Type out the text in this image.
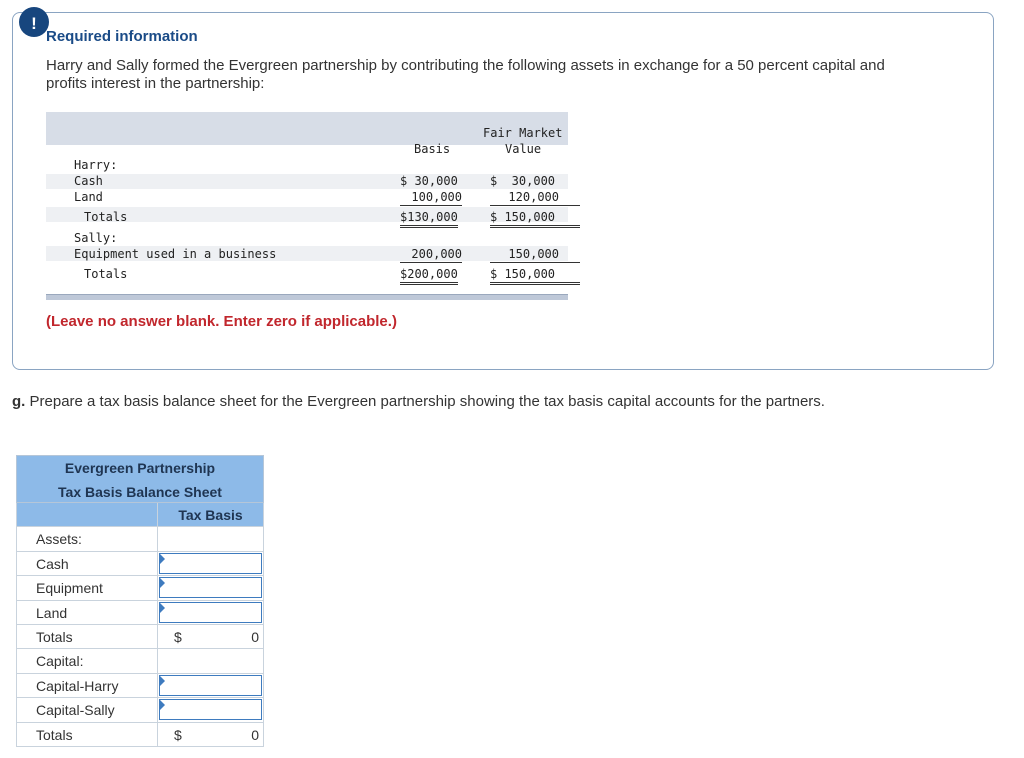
!
Required information
Harry and Sally formed the Evergreen partnership by contributing the following assets in exchange for a 50 percent capital and profits interest in the partnership:
Basis
Fair Market
Value
Harry:
Cash	$ 30,000	$  30,000
Land	100,000	120,000
Totals	$130,000	$ 150,000
Sally:
Equipment used in a business	200,000	150,000
Totals	$200,000	$ 150,000
(Leave no answer blank. Enter zero if applicable.)
g. Prepare a tax basis balance sheet for the Evergreen partnership showing the tax basis capital accounts for the partners.
Evergreen Partnership
Tax Basis Balance Sheet
Tax Basis
Assets:
Cash
Equipment
Land
Totals	$	0
Capital:
Capital-Harry
Capital-Sally
Totals	$	0
